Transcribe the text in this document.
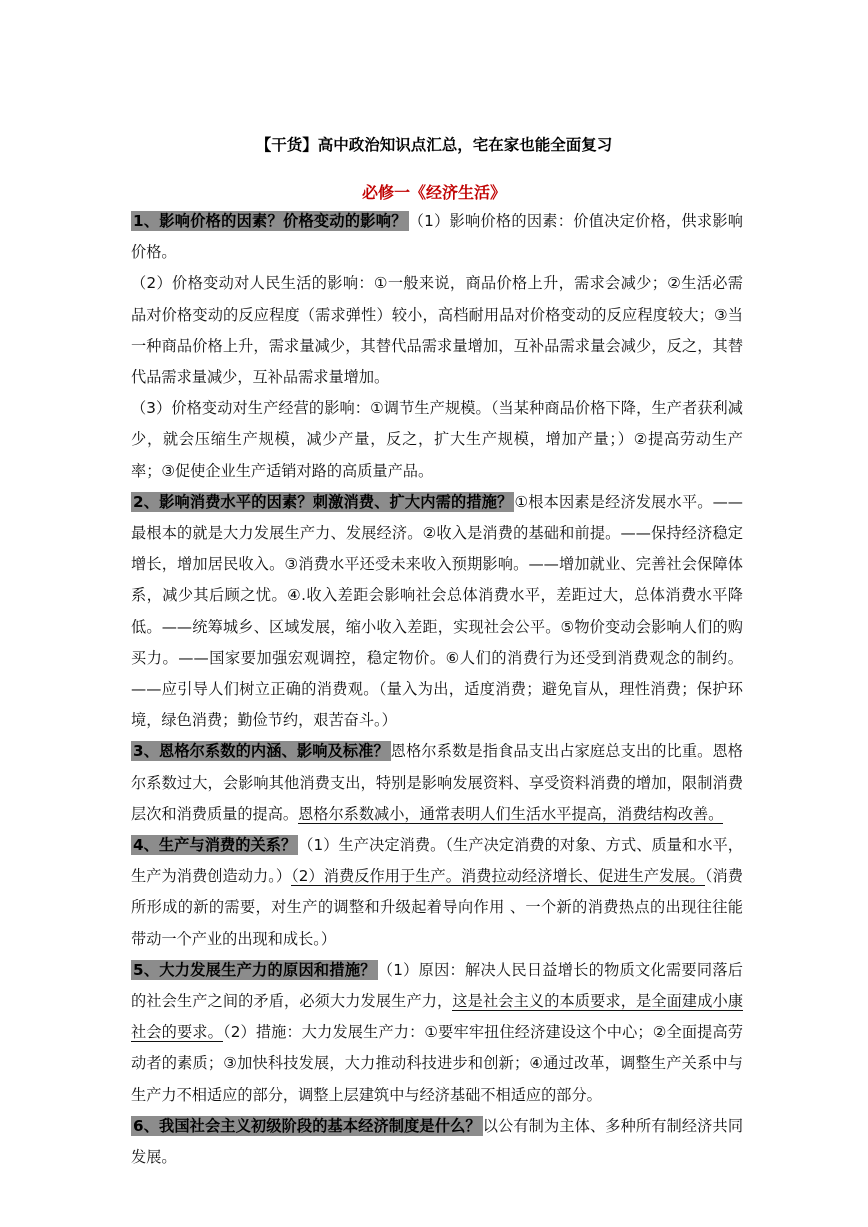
【干货】高中政治知识点汇总，宅在家也能全面复习
必修一《经济生活》

1、影响价格的因素？价格变动的影响？ （1）影响价格的因素：价值决定价格，供求影响价格。

（2）价格变动对人民生活的影响：①一般来说，商品价格上升，需求会减少；②生活必需品对价格变动的反应程度（需求弹性）较小，高档耐用品对价格变动的反应程度较大；③当一种商品价格上升，需求量减少，其替代品需求量增加，互补品需求量会减少，反之，其替代品需求量减少，互补品需求量增加。

（3）价格变动对生产经营的影响：①调节生产规模。（当某种商品价格下降，生产者获利减少，就会压缩生产规模，减少产量，反之，扩大生产规模，增加产量；）②提高劳动生产率；③促使企业生产适销对路的高质量产品。

2、影响消费水平的因素？刺激消费、扩大内需的措施？ ①根本因素是经济发展水平。——最根本的就是大力发展生产力、发展经济。②收入是消费的基础和前提。——保持经济稳定增长，增加居民收入。③消费水平还受未来收入预期影响。——增加就业、完善社会保障体系，减少其后顾之忧。④.收入差距会影响社会总体消费水平，差距过大，总体消费水平降低。——统筹城乡、区域发展，缩小收入差距，实现社会公平。⑤物价变动会影响人们的购买力。——国家要加强宏观调控，稳定物价。⑥人们的消费行为还受到消费观念的制约。——应引导人们树立正确的消费观。（量入为出，适度消费；避免盲从，理性消费；保护环境，绿色消费；勤俭节约，艰苦奋斗。）

3、恩格尔系数的内涵、影响及标准？ 恩格尔系数是指食品支出占家庭总支出的比重。恩格尔系数过大，会影响其他消费支出，特别是影响发展资料、享受资料消费的增加，限制消费层次和消费质量的提高。恩格尔系数减小，通常表明人们生活水平提高，消费结构改善。

4、生产与消费的关系？ （1）生产决定消费。（生产决定消费的对象、方式、质量和水平，生产为消费创造动力。）（2）消费反作用于生产。消费拉动经济增长、促进生产发展。（消费所形成的新的需要，对生产的调整和升级起着导向作用 、一个新的消费热点的出现往往能带动一个产业的出现和成长。）

5、大力发展生产力的原因和措施？ （1）原因：解决人民日益增长的物质文化需要同落后的社会生产之间的矛盾，必须大力发展生产力，这是社会主义的本质要求，是全面建成小康社会的要求。（2）措施：大力发展生产力：①要牢牢扭住经济建设这个中心；②全面提高劳动者的素质；③加快科技发展，大力推动科技进步和创新；④通过改革，调整生产关系中与生产力不相适应的部分，调整上层建筑中与经济基础不相适应的部分。

6、我国社会主义初级阶段的基本经济制度是什么？ 以公有制为主体、多种所有制经济共同发展。
